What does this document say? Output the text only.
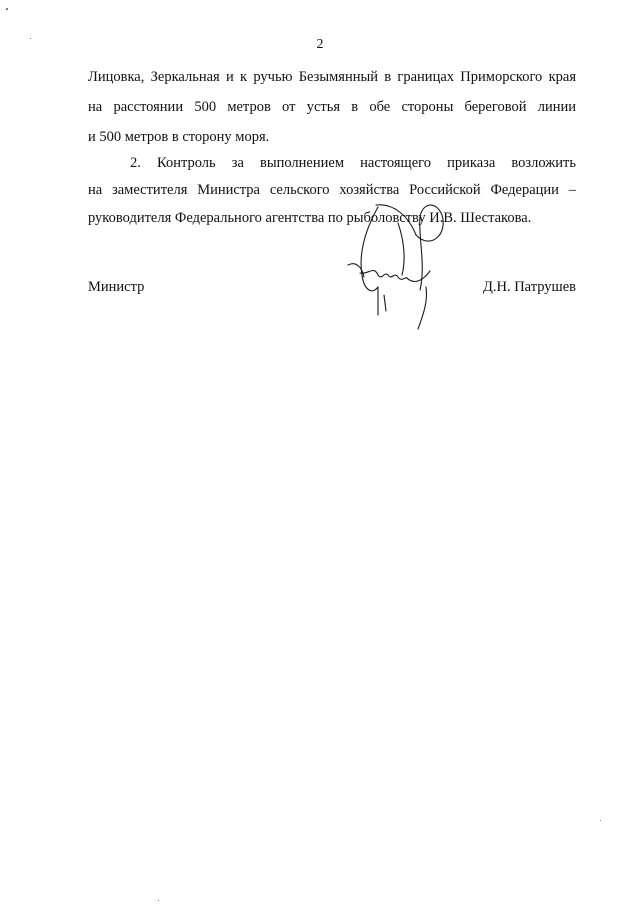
2
Лицовка, Зеркальная и к ручью Безымянный в границах Приморского края
на расстоянии 500 метров от устья в обе стороны береговой линии
и 500 метров в сторону моря.
2. Контроль за выполнением настоящего приказа возложить
на заместителя Министра сельского хозяйства Российской Федерации –
руководителя Федерального агентства по рыболовству И.В. Шестакова.
Министр	Д.Н. Патрушев
